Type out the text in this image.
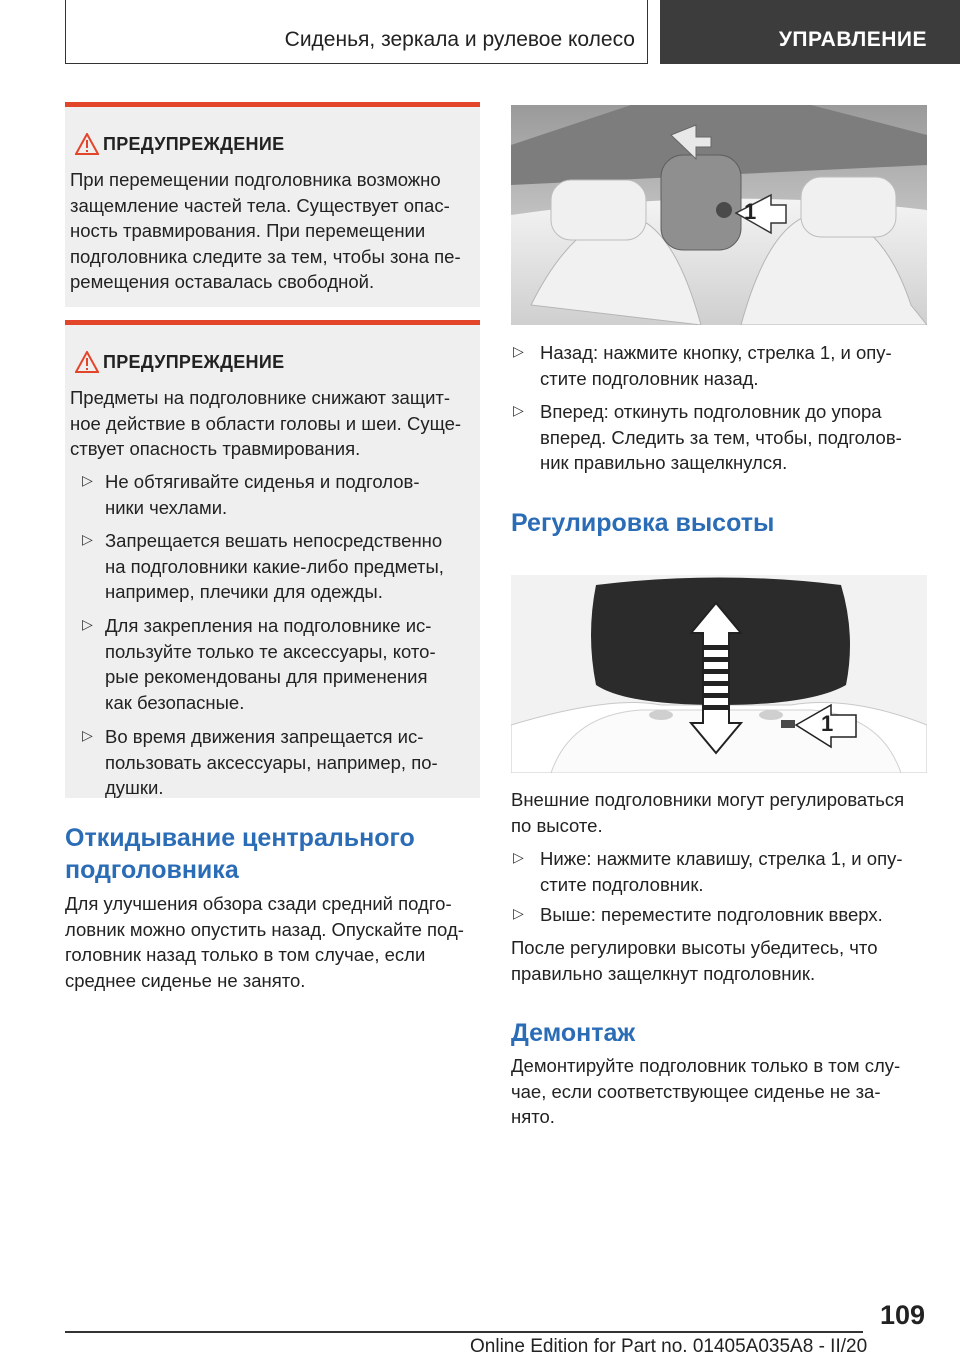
Сиденья, зеркала и рулевое колесо	УПРАВЛЕНИЕ
ПРЕДУПРЕЖДЕНИЕ

При перемещении подголовника возможно

защемление частей тела. Существует опас-

ность травмирования. При перемещении

подголовника следите за тем, чтобы зона пе-

ремещения оставалась свободной.

ПРЕДУПРЕЖДЕНИЕ

Предметы на подголовнике снижают защит-

ное действие в области головы и шеи. Суще-

ствует опасность травмирования.

▷ Не обтягивайте сиденья и подголов-

ники чехлами.

▷ Запрещается вешать непосредственно

на подголовники какие-либо предметы,

например, плечики для одежды.

▷ Для закрепления на подголовнике ис-

пользуйте только те аксессуары, кото-

рые рекомендованы для применения

как безопасные.

▷ Во время движения запрещается ис-

пользовать аксессуары, например, по-

душки.

Откидывание центрального
подголовника

Для улучшения обзора сзади средний подго-

ловник можно опустить назад. Опускайте под-

головник назад только в том случае, если

среднее сиденье не занято.

1
▷ Назад: нажмите кнопку, стрелка 1, и опу-

стите подголовник назад.

▷ Вперед: откинуть подголовник до упора

вперед. Следить за тем, чтобы, подголов-

ник правильно защелкнулся.

Регулировка высоты
1

Внешние подголовники могут регулироваться

по высоте.

▷ Ниже: нажмите клавишу, стрелка 1, и опу-

стите подголовник.

▷ Выше: переместите подголовник вверх.

После регулировки высоты убедитесь, что

правильно защелкнут подголовник.

Демонтаж

Демонтируйте подголовник только в том слу-

чае, если соответствующее сиденье не за-

нято.

109
Online Edition for Part no. 01405A035A8 - II/20
